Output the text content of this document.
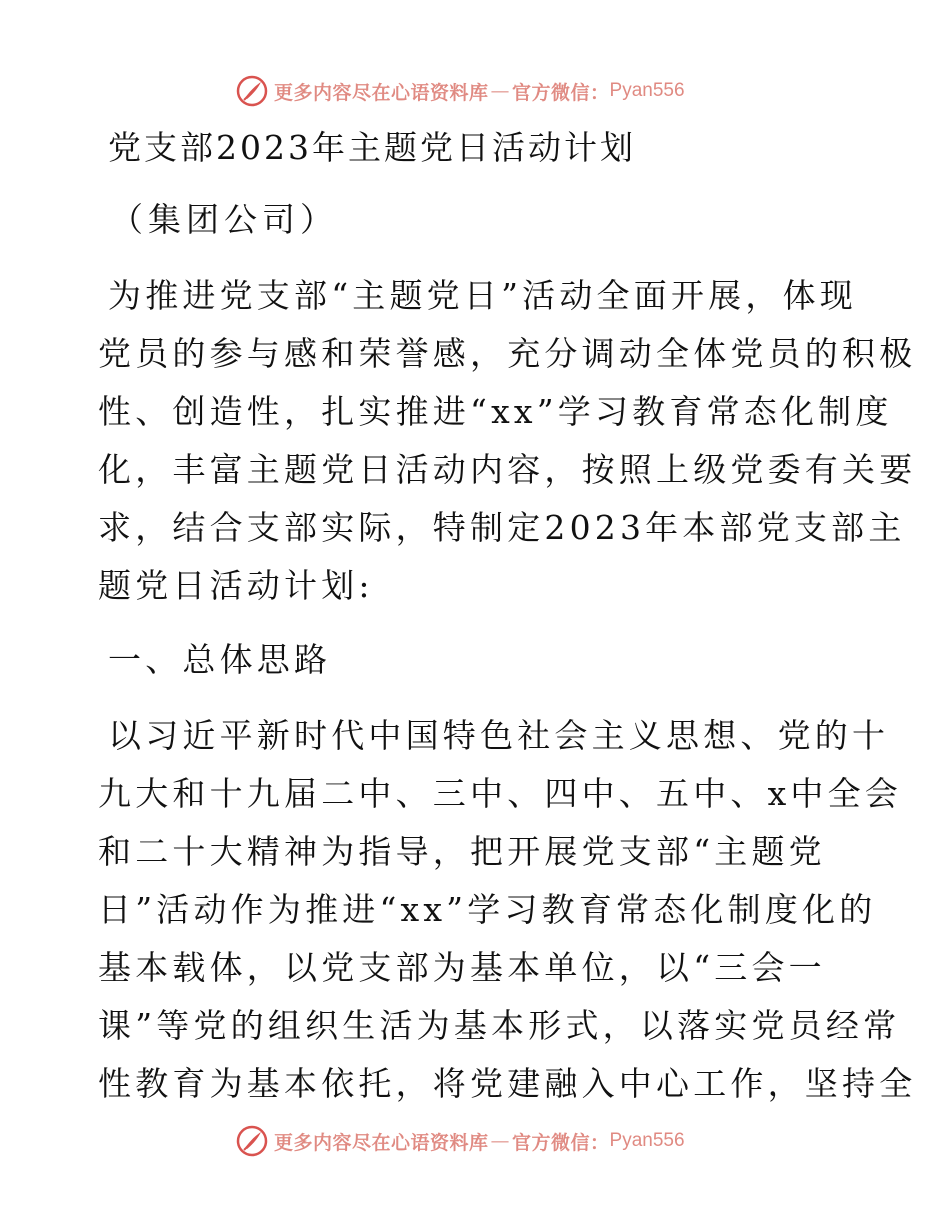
更多内容尽在心语资料库 — 官方微信： Pyan556
党支部2023年主题党日活动计划
（集团公司）
为推进党支部“主题党日”活动全面开展，体现
党员的参与感和荣誉感，充分调动全体党员的积极
性、创造性，扎实推进“xx”学习教育常态化制度
化，丰富主题党日活动内容，按照上级党委有关要
求，结合支部实际，特制定2023年本部党支部主
题党日活动计划:
一、总体思路
以习近平新时代中国特色社会主义思想、党的十
九大和十九届二中、三中、四中、五中、x中全会
和二十大精神为指导，把开展党支部“主题党
日”活动作为推进“xx”学习教育常态化制度化的
基本载体，以党支部为基本单位，以“三会一
课”等党的组织生活为基本形式，以落实党员经常
性教育为基本依托，将党建融入中心工作，坚持全
更多内容尽在心语资料库 — 官方微信： Pyan556
